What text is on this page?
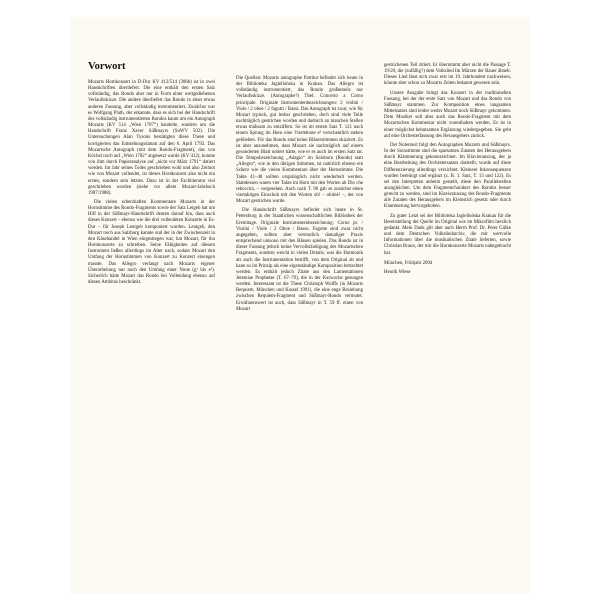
Vorwort

Mozarts Hornkonzert in D-Dur KV 412/514 (386b) ist in zwei Handschriften überliefert. Die eine enthält den ersten Satz vollständig, das Rondo aber nur in Form einer weitgediehenen Verlaufsskizze. Die andere überliefert das Rondo in einer etwas anderen Fassung, aber vollständig instrumentiert. Zunächst war es Wolfgang Plath, der erkannte, dass es sich bei der Handschrift des vollständig instrumentierten Rondos kaum um ein Autograph Mozarts (KV 514 „Wien 1787“) handelte, sondern um die Handschrift Franz Xaver Süßmayrs (SuWV 502). Die Untersuchungen Alan Tysons bestätigten diese These und korrigierten das Entstehungsdatum auf den 6. April 1792. Das Mozartsche Autograph (mit dem Rondo-Fragment), das von Köchel noch auf „Wien 1782“ angesetzt wurde (KV 412), konnte von ihm durch Papieranalyse auf „nicht vor März 1791“ datiert werden. Im Jahr seines Todes geschrieben wohl und also Zeitnot wie von Mozart vollendet, ist dieses Hornkonzert also nicht ein erstes, sondern sein letztes. Dazu ist in der Fachliteratur viel geschrieben worden (siehe vor allem Mozart-Jahrbuch 1987/1988).

Die vielen scherzhaften Kommentare Mozarts in der Hornstimme des Rondo-Fragments sowie der Satz Leigeb hat um Hilf in der Süßmayr-Handschrift deuten darauf hin, dass auch dieses Konzert – ebenso wie die drei vollendeten Konzerte in Es-Dur – für Joseph Leutgeb komponiert wurden. Leutgeb, den Mozart noch aus Salzburg kannte und der in der Zwischenzeit in den Käsehandel in Wien eingestiegen war, hat Mozart, für ihn Hornkonzerte zu schreiben. Seine Fähigkeiten auf diesem Instrument ließen allerdings im Alter nach, sodass Mozart den Umfang der Hornstimmen von Konzert zu Konzert einengen musste. Das Allegro verlangt nach Mozarts eigener Überarbeitung nur noch den Umfang einer None (g¹ bis e²). Sicherlich hätte Mozart das Rondo bei Vollendung ebenso auf diesen Ambitus beschränkt.

Die Quellen: Mozarts autographe Partitur befindet sich heute in der Biblioteka Jagiellońska in Krakau. Das Allegro ist vollständig instrumentiert, das Rondo großenteils nur Verlaufsskizze. (Autographe?) Titel: Concerto a Corno principale. Originale Instrumentenbezeichnungen: 2 violini / Viole / 2 oboe / 2 fagotti / Bassi. Das Autograph ist zwar, wie für Mozart typisch, gut lesbar geschrieben, doch sind viele Teile nachträglich gestrichen worden und dadurch an manchen Stellen etwas mühsam zu entziffern. So ist im ersten Satz T. 121 nach einem Sprung im Horn eine Viertelnote e² verschentlich stehen geblieben. Für das Rondo sind keine Bläserstimmen skizziert. Es ist aber anzunehmen, dass Mozart sie nachträglich auf einem gesonderten Blatt notiert hätte, wie er es auch im ersten Satz tat. Die Tempobezeichnung „Adagio“ im Soloborn (Rondo) statt „Allegro“, wie in den übrigen Stimmen, ist natürlich ebenso ein Scherz wie die vielen Kommentare über der Hornstimme. Die Takte 41–48 sollten ursprünglich nicht wiederholt werden. Stattdessen waren vier Takte im Horn mit den Worten ah Dio che reboccità, – vorgesehen. Auch nach T. 96 gab es zunächst einen viertaktigen Einschub mit den Worten oh! – ohimè! –, der von Mozart gestrichen wurde.

Die Handschrift Süßmayrs befindet sich heute in St. Petersburg in der Staatlichen wissenschaftlichen Bibliothek der Eremitage. Originale Instrumentenbezeichnung: Corno pr. / Violini / Viole / 2 Oboe / Basso. Fagotte sind zwar nicht angegeben, sollten aber vermutlich damaliger Praxis entsprechend unisono mit den Bässen spielen. Das Rondo ist in dieser Fassung jedoch keine Vervollständigung des Mozartschen Fragments, sondern weicht in vielen Details, was die Harmonik als auch die Instrumentation betrifft, von dem Original ab und kann so im Prinzip als eine eigenständige Komposition betrachtet werden. Es enthält jedoch Zitate aus den Lamentationen Jeremiae Prophetae (T. 67–79), die in der Karwoche gesungen werden. Interessant ist die These Christoph Wolffs (in Mozarts Requiem, München und Kassel 1991), die eine enge Beziehung zwischen Requiem-Fragment und Süßmayr-Rondo vermutet. Erwähnenswert ist auch, dass Süßmayr in T. 59 ff. einen von Mozart

gestrichenen Teil zitiert. Er übernimmt aber nicht die Passage T. 19/20, die (zufällig?) dem Volkslied Im Märzen der Bauer ähnelt. Dieses Lied lässt sich zwar erst im 19. Jahrhundert nachweisen, könnte aber schon zu Mozarts Zeiten bekannt gewesen sein.

Unsere Ausgabe bringt das Konzert in der traditionellen Fassung, bei der der erste Satz von Mozart und das Rondo von Süßmayr stammen. Zur Komposition eines langsamen Mittelsatzes sind leider weder Mozart noch Süßmayr gekommen. Dem Musiker soll aber auch das Rondo-Fragment mit dem Mozartschen Kommentar nicht vorenthalten werden. Es ist in einer möglichst behutsamen Ergänzung wiedergegeben. Sie geht auf eine Orchesterfassung des Herausgebers zurück.

Der Notentext folgt den Autographen Mozarts und Süßmayrs. In der Solostimme sind die sparsamen Zutaten des Herausgebers durch Klammerung gekennzeichnet. Im Klavierauszug, der ja eine Bearbeitung des Orchestersatzes darstellt, wurde auf diese Differenzierung allerdings verzichtet. Kleinere Inkonsequenzen wurden bereinigt und ergänzt (z. B. 1. Satz, T. 13 und 122). Es sei den Interpreten anheim gestellt, diese den Parallelstellen anzugleichen. Um dem Fragmentcharakter des Rondos besser gerecht zu werden, sind im Klavierauszug des Rondo-Fragments alle Zutaten des Herausgebers im Kleinstich gesetzt oder durch Klammerung hervorgehoben.

Zu guter Letzt sei der Biblioteka Jagiellońska Krakau für die Bereitstellung der Quelle im Original wie im Mikrofilm herzlich gedankt. Mein Dank gilt aber auch Herrn Prof. Dr. Peter Gülke und dem Deutschen Volksliedarchiv, die mir wertvolle Informationen über die musikalischen Zitate lieferten, sowie Christian Braun, der mir die Hornkonzerte Mozarts nahegebracht hat.

München, Frühjahr 2004

Henrik Wiese
